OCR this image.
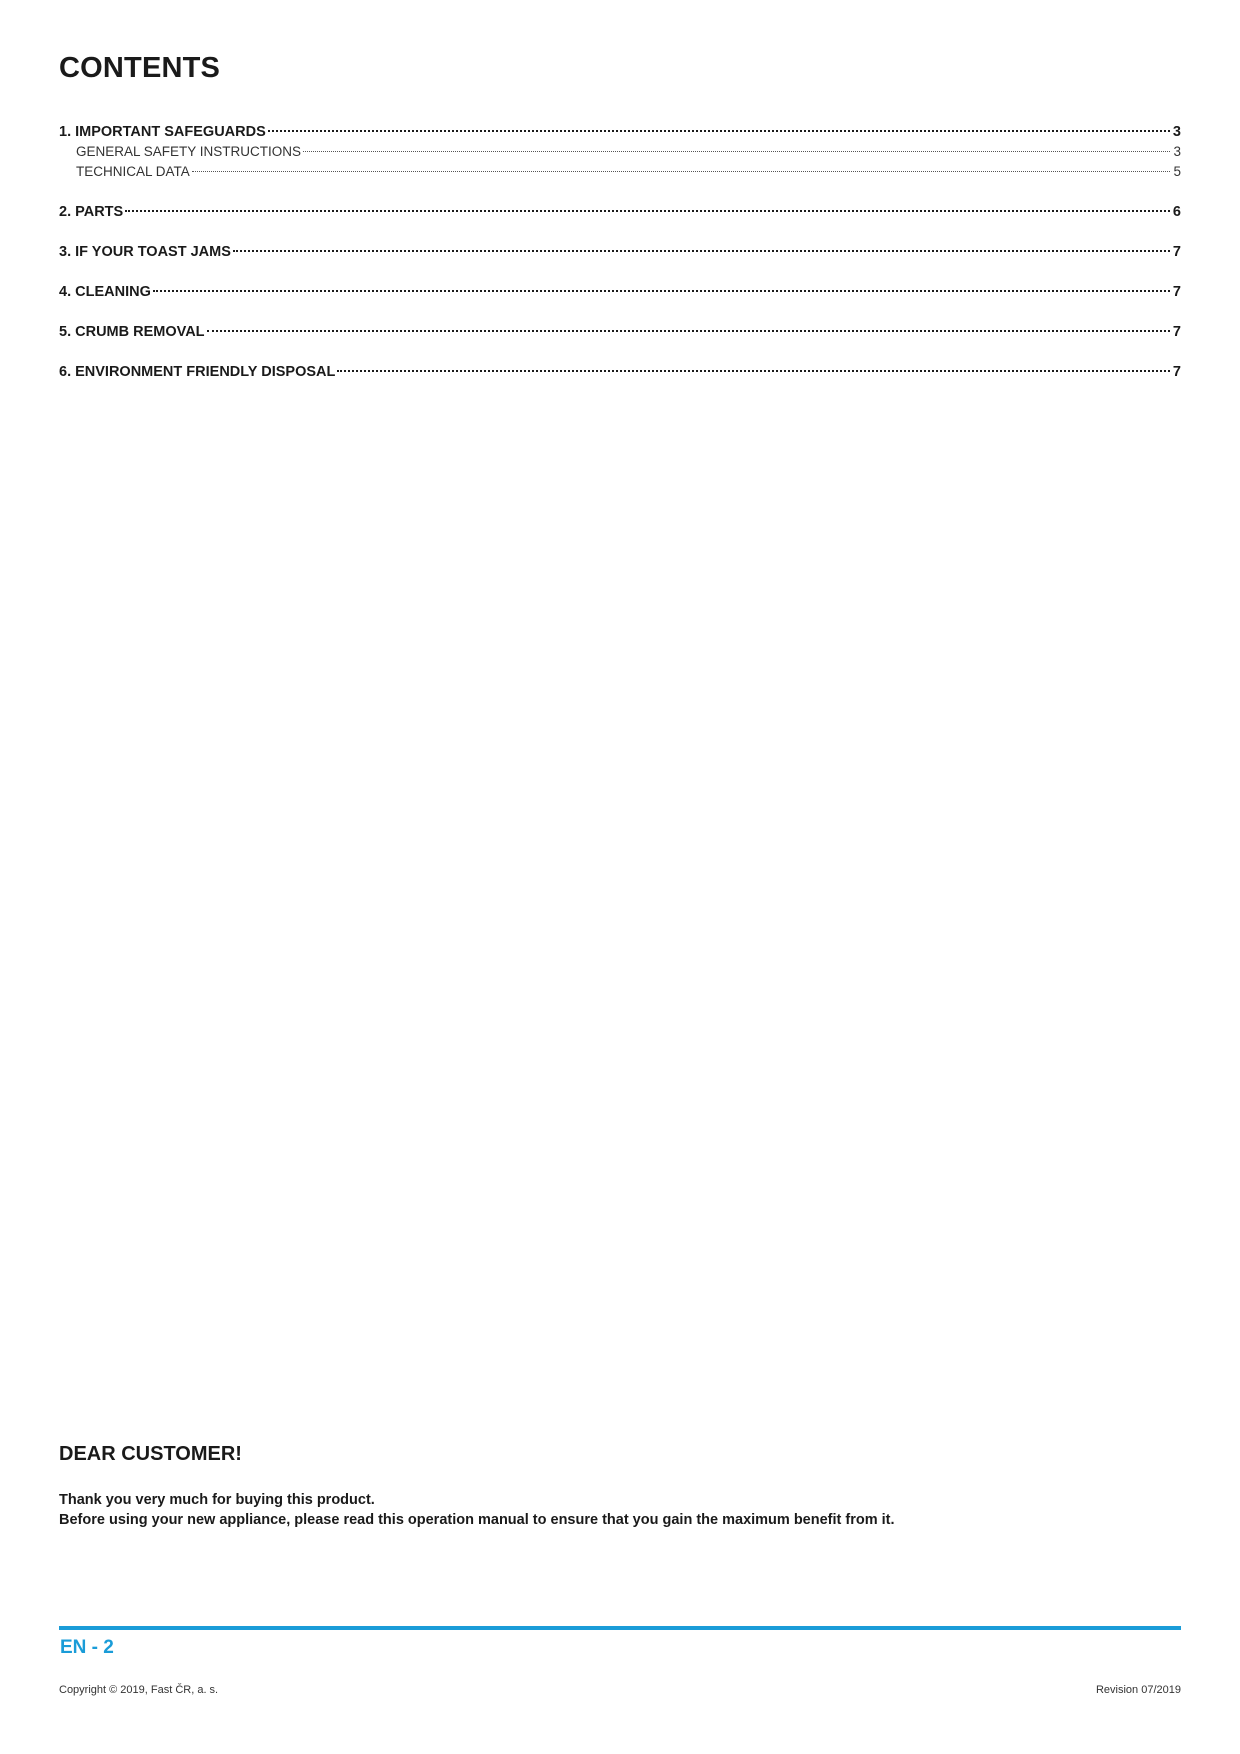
CONTENTS
1. IMPORTANT SAFEGUARDS	3
GENERAL SAFETY INSTRUCTIONS	3
TECHNICAL DATA	5
2. PARTS	6
3. IF YOUR TOAST JAMS	7
4. CLEANING	7
5. CRUMB REMOVAL	7
6. ENVIRONMENT FRIENDLY DISPOSAL	7
DEAR CUSTOMER!

Thank you very much for buying this product.

Before using your new appliance, please read this operation manual to ensure that you gain the maximum benefit from it.

EN - 2
Copyright © 2019, Fast ČR, a. s.	Revision 07/2019
